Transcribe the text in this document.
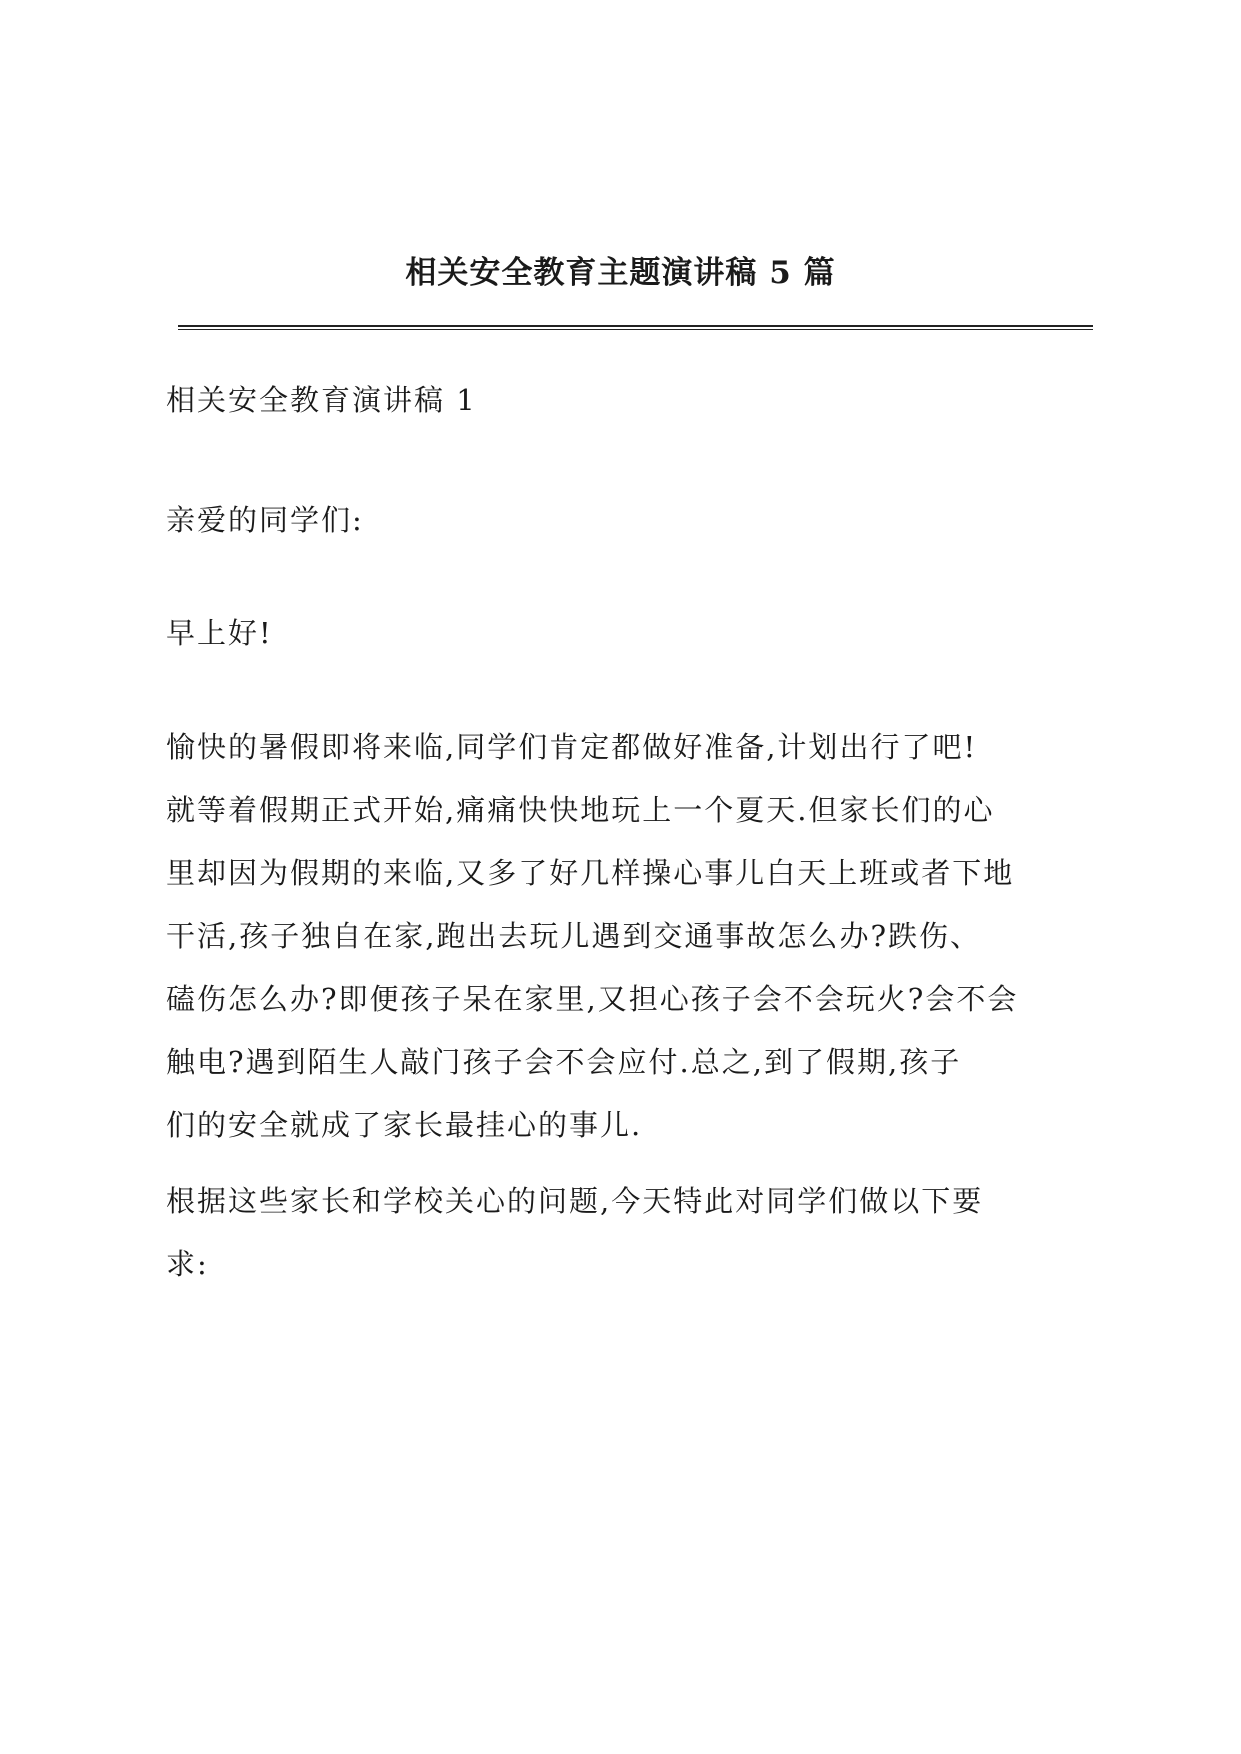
相关安全教育主题演讲稿 5 篇

相关安全教育演讲稿 1

亲爱的同学们:

早上好!

愉快的暑假即将来临,同学们肯定都做好准备,计划出行了吧!
就等着假期正式开始,痛痛快快地玩上一个夏天.但家长们的心
里却因为假期的来临,又多了好几样操心事儿白天上班或者下地
干活,孩子独自在家,跑出去玩儿遇到交通事故怎么办?跌伤、
磕伤怎么办?即便孩子呆在家里,又担心孩子会不会玩火?会不会
触电?遇到陌生人敲门孩子会不会应付.总之,到了假期,孩子
们的安全就成了家长最挂心的事儿.

根据这些家长和学校关心的问题,今天特此对同学们做以下要
求:
